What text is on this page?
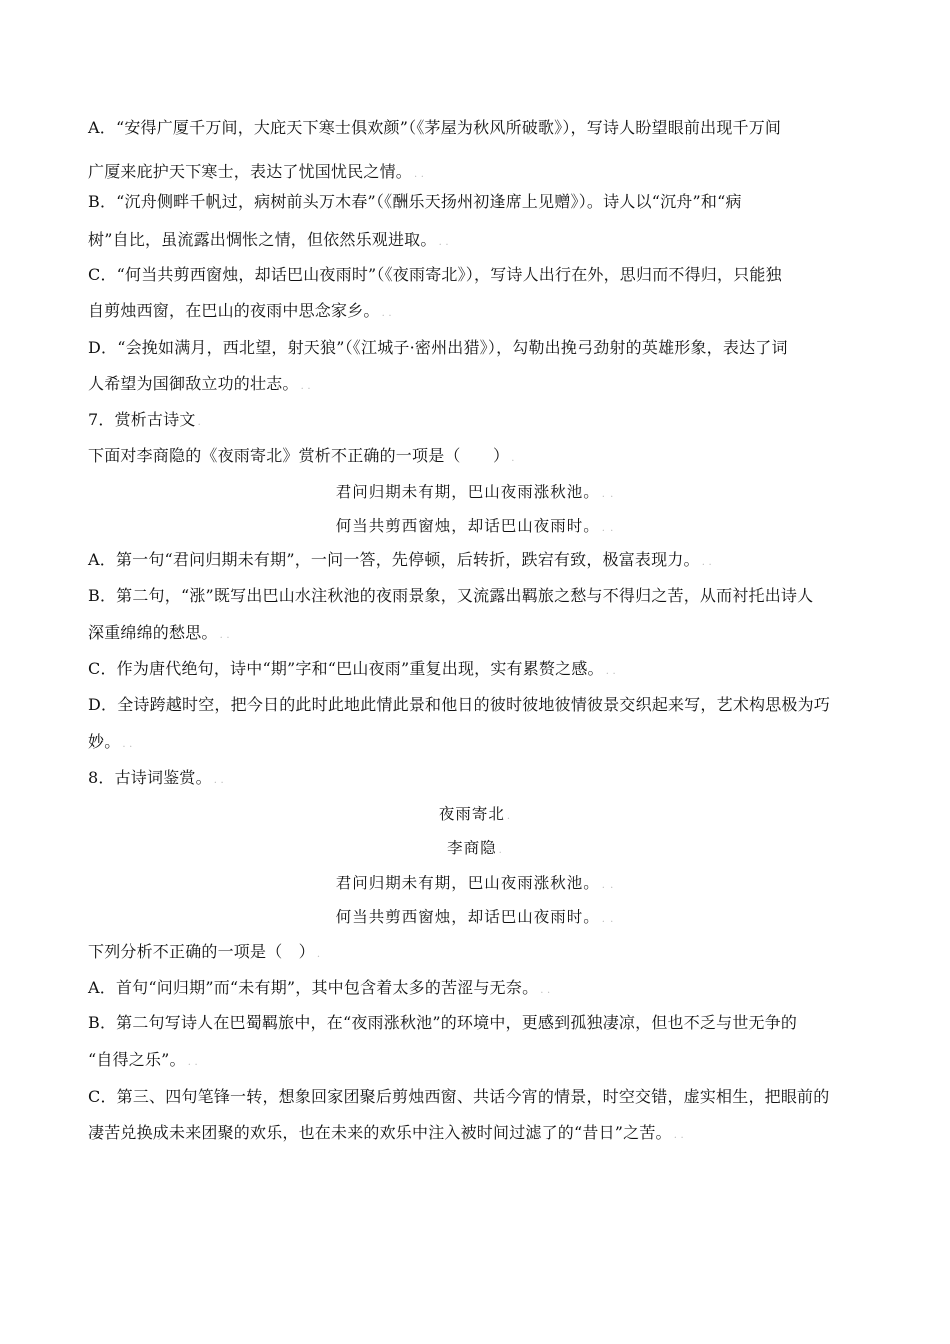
A．“安得广厦千万间，大庇天下寒士俱欢颜”（《茅屋为秋风所破歌》），写诗人盼望眼前出现千万间
广厦来庇护天下寒士，表达了忧国忧民之情。 . .
B．“沉舟侧畔千帆过，病树前头万木春”（《酬乐天扬州初逢席上见赠》）。诗人以“沉舟”和“病
树”自比，虽流露出惆怅之情，但依然乐观进取。 . .
C．“何当共剪西窗烛，却话巴山夜雨时”（《夜雨寄北》），写诗人出行在外，思归而不得归，只能独
自剪烛西窗，在巴山的夜雨中思念家乡。 . .
D．“会挽如满月，西北望，射天狼”（《江城子·密州出猎》），勾勒出挽弓劲射的英雄形象，表达了词
人希望为国御敌立功的壮志。 . .
7．赏析古诗文 .
下面对李商隐的《夜雨寄北》赏析不正确的一项是（　　） .
君问归期未有期，巴山夜雨涨秋池。 . .
何当共剪西窗烛，却话巴山夜雨时。 . .
A．第一句“君问归期未有期”，一问一答，先停顿，后转折，跌宕有致，极富表现力。 . .
B．第二句，“涨”既写出巴山水注秋池的夜雨景象，又流露出羁旅之愁与不得归之苦，从而衬托出诗人
深重绵绵的愁思。 . .
C．作为唐代绝句，诗中“期”字和“巴山夜雨”重复出现，实有累赘之感。 . .
D．全诗跨越时空，把今日的此时此地此情此景和他日的彼时彼地彼情彼景交织起来写，艺术构思极为巧
妙。 . .
8．古诗词鉴赏。 . .
夜雨寄北 .
李商隐 .
君问归期未有期，巴山夜雨涨秋池。 . .
何当共剪西窗烛，却话巴山夜雨时。 . .
下列分析不正确的一项是（　） .
A．首句“问归期”而“未有期”，其中包含着太多的苦涩与无奈。 . .
B．第二句写诗人在巴蜀羁旅中，在“夜雨涨秋池”的环境中，更感到孤独凄凉，但也不乏与世无争的
“自得之乐”。 . .
C．第三、四句笔锋一转，想象回家团聚后剪烛西窗、共话今宵的情景，时空交错，虚实相生，把眼前的
凄苦兑换成未来团聚的欢乐，也在未来的欢乐中注入被时间过滤了的“昔日”之苦。 . .
